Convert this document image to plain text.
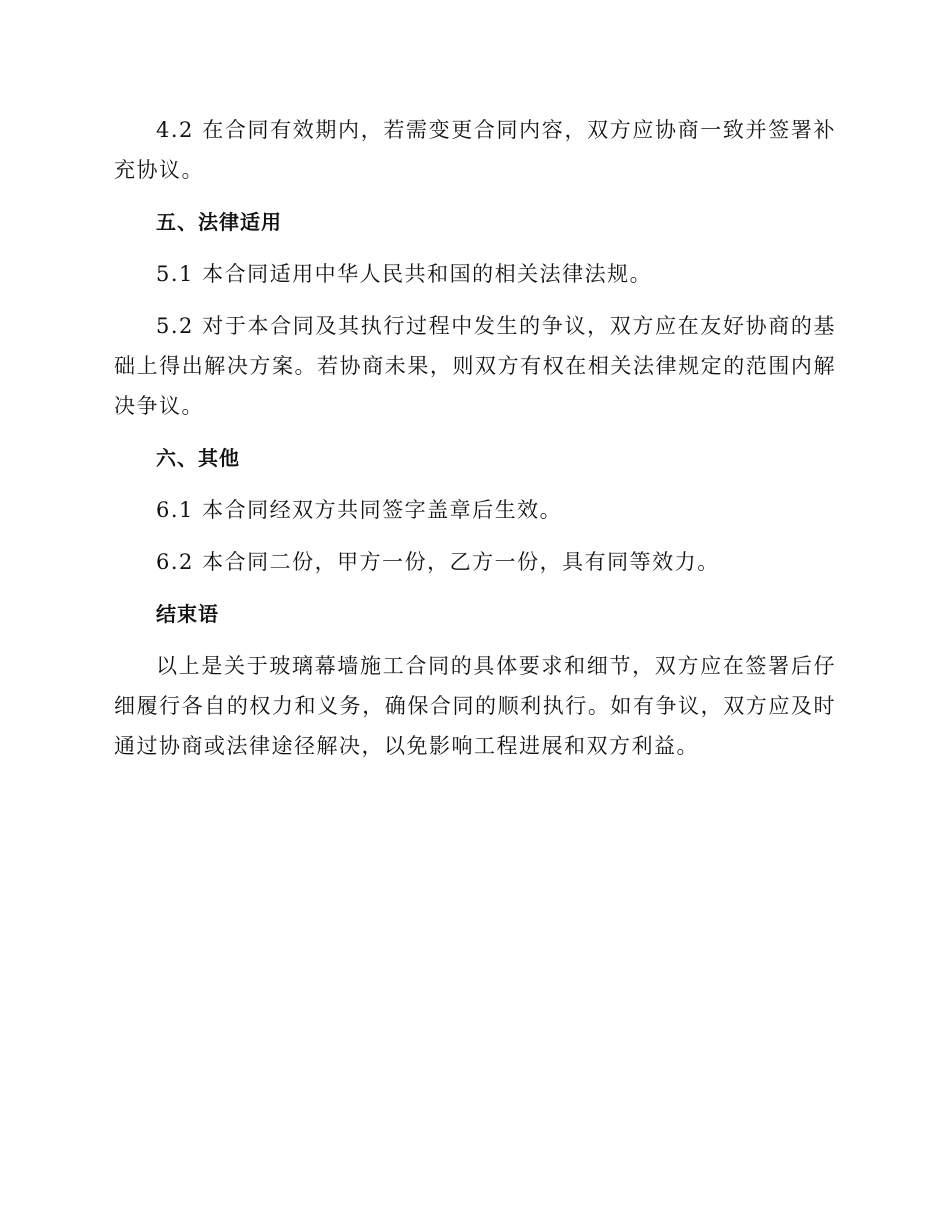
4.2 在合同有效期内，若需变更合同内容，双方应协商一致并签署补充协议。

五、法律适用

5.1 本合同适用中华人民共和国的相关法律法规。

5.2 对于本合同及其执行过程中发生的争议，双方应在友好协商的基础上得出解决方案。若协商未果，则双方有权在相关法律规定的范围内解决争议。

六、其他

6.1 本合同经双方共同签字盖章后生效。

6.2 本合同二份，甲方一份，乙方一份，具有同等效力。

结束语

以上是关于玻璃幕墙施工合同的具体要求和细节，双方应在签署后仔细履行各自的权力和义务，确保合同的顺利执行。如有争议，双方应及时通过协商或法律途径解决，以免影响工程进展和双方利益。
